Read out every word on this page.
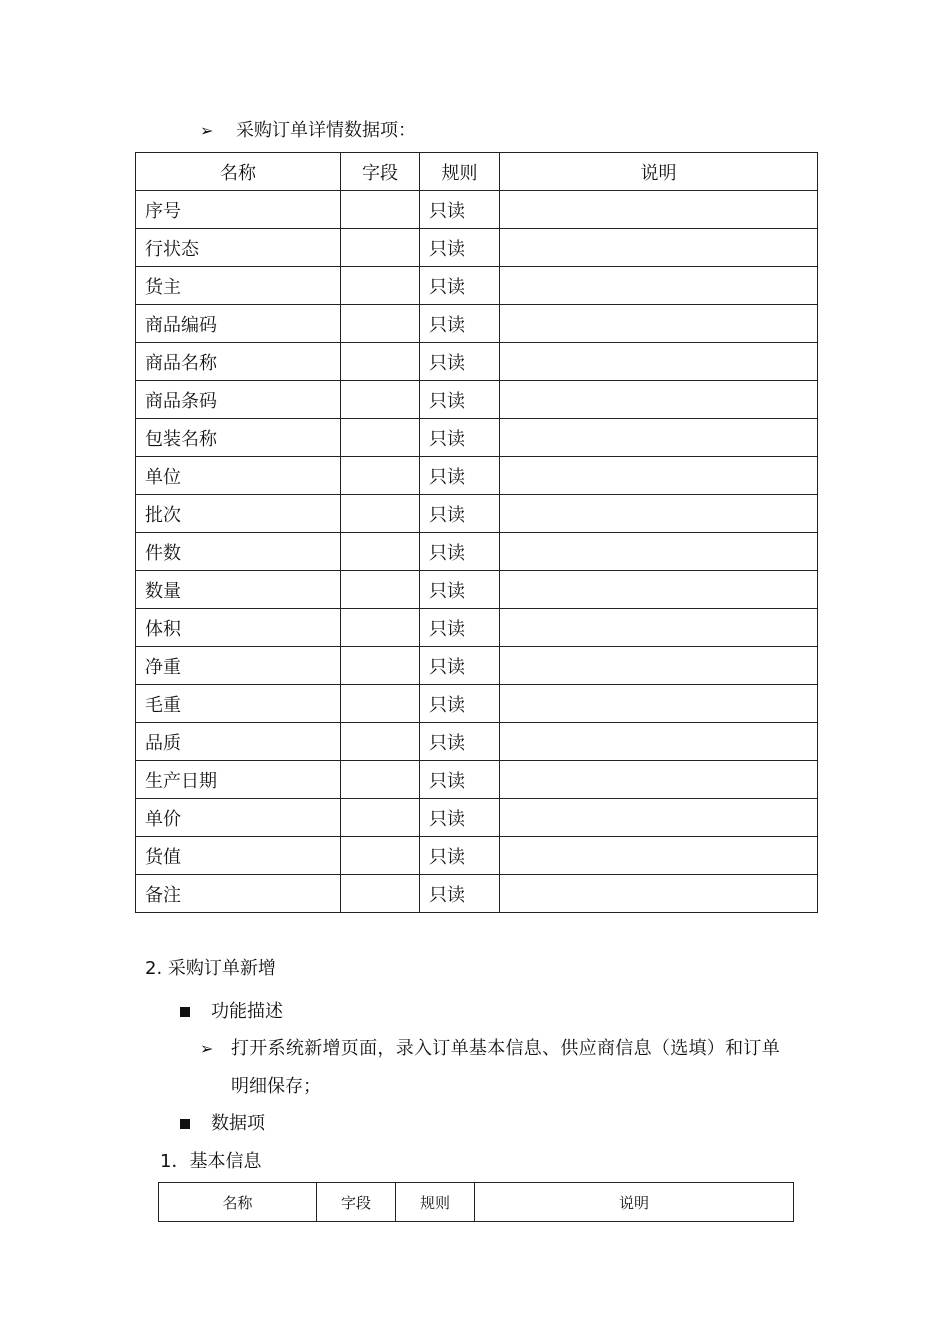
➢ 采购订单详情数据项：
名称	字段	规则	说明
序号		只读	
行状态		只读	
货主		只读	
商品编码		只读	
商品名称		只读	
商品条码		只读	
包装名称		只读	
单位		只读	
批次		只读	
件数		只读	
数量		只读	
体积		只读	
净重		只读	
毛重		只读	
品质		只读	
生产日期		只读	
单价		只读	
货值		只读	
备注		只读	
2. 采购订单新增
功能描述
➢ 打开系统新增页面，录入订单基本信息、供应商信息（选填）和订单
明细保存；
数据项
1．基本信息
名称	字段	规则	说明
